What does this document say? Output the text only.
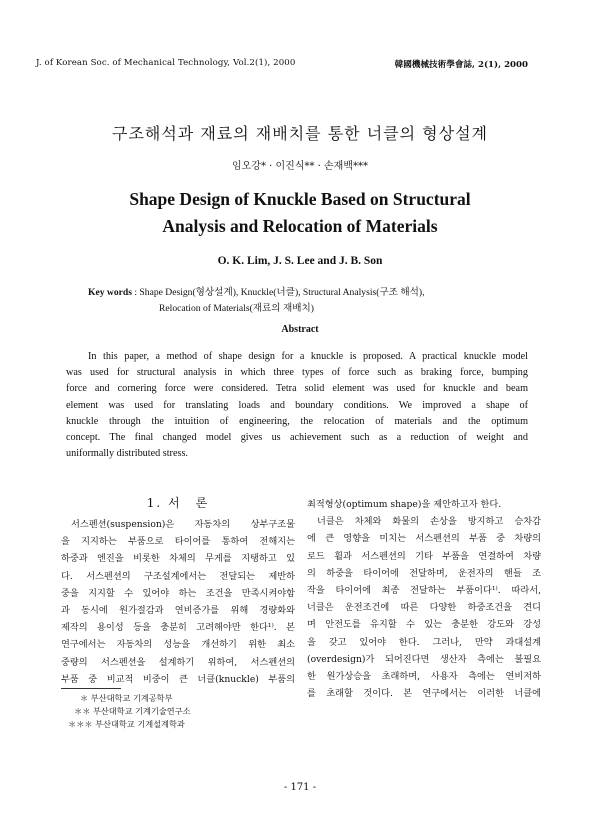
J. of Korean Soc. of Mechanical Technology, Vol.2(1), 2000	韓國機械技術學會誌, 2(1), 2000
구조해석과 재료의 재배치를 통한 너클의 형상설계
임오강* · 이진식** · 손재백***
Shape Design of Knuckle Based on Structural
Analysis and Relocation of Materials
O. K. Lim, J. S. Lee and J. B. Son
Key words : Shape Design(형상설계), Knuckle(너클), Structural Analysis(구조 해석),
Relocation of Materials(재료의 재배치)
Abstract
In this paper, a method of shape design for a knuckle is proposed. A practical knuckle model
was used for structural analysis in which three types of force such as braking force, bumping
force and cornering force were considered. Tetra solid element was used for knuckle and beam
element was used for translating loads and boundary conditions. We improved a shape of
knuckle through the intuition of engineering, the relocation of materials and the optimum
concept. The final changed model gives us achievement such as a reduction of weight and
uniformally distributed stress.
1. 서　론
서스펜션(suspension)은 자동차의 상부구조물
을 지지하는 부품으로 타이어를 통하여 전해지는
하중과 엔진을 비롯한 차체의 무게를 지탱하고 있
다. 서스펜션의 구조설계에서는 전달되는 제반하
중을 지지할 수 있어야 하는 조건을 만족시켜야함
과 동시에 원가절감과 연비증가를 위해 경량화와
제작의 용이성 등을 충분히 고려해야만 한다¹⁾. 본
연구에서는 자동차의 성능을 개선하기 위한 최소
중량의 서스펜션을 설계하기 위하여, 서스펜션의
부품 중 비교적 비중이 큰 너클(knuckle) 부품의
최적형상(optimum shape)을 제안하고자 한다.
너클은 차체와 화물의 손상을 방지하고 승차감
에 큰 영향을 미치는 서스펜션의 부품 중 차량의
로드 휠과 서스펜션의 기타 부품을 연결하여 차량
의 하중을 타이어에 전달하며, 운전자의 핸들 조
작을 타이어에 최종 전달하는 부품이다¹⁾. 따라서,
너클은 운전조건에 따른 다양한 하중조건을 견디
며 안전도를 유지할 수 있는 충분한 강도와 강성
을 갖고 있어야 한다. 그러나, 만약 과대설계
(overdesign)가 되어진다면 생산자 측에는 불필요
한 원가상승을 초래하며, 사용자 측에는 연비저하
를 초래할 것이다. 본 연구에서는 이러한 너클에
＊ 부산대학교 기계공학부
＊＊ 부산대학교 기계기술연구소
＊＊＊ 부산대학교 기계설계학과
- 171 -
